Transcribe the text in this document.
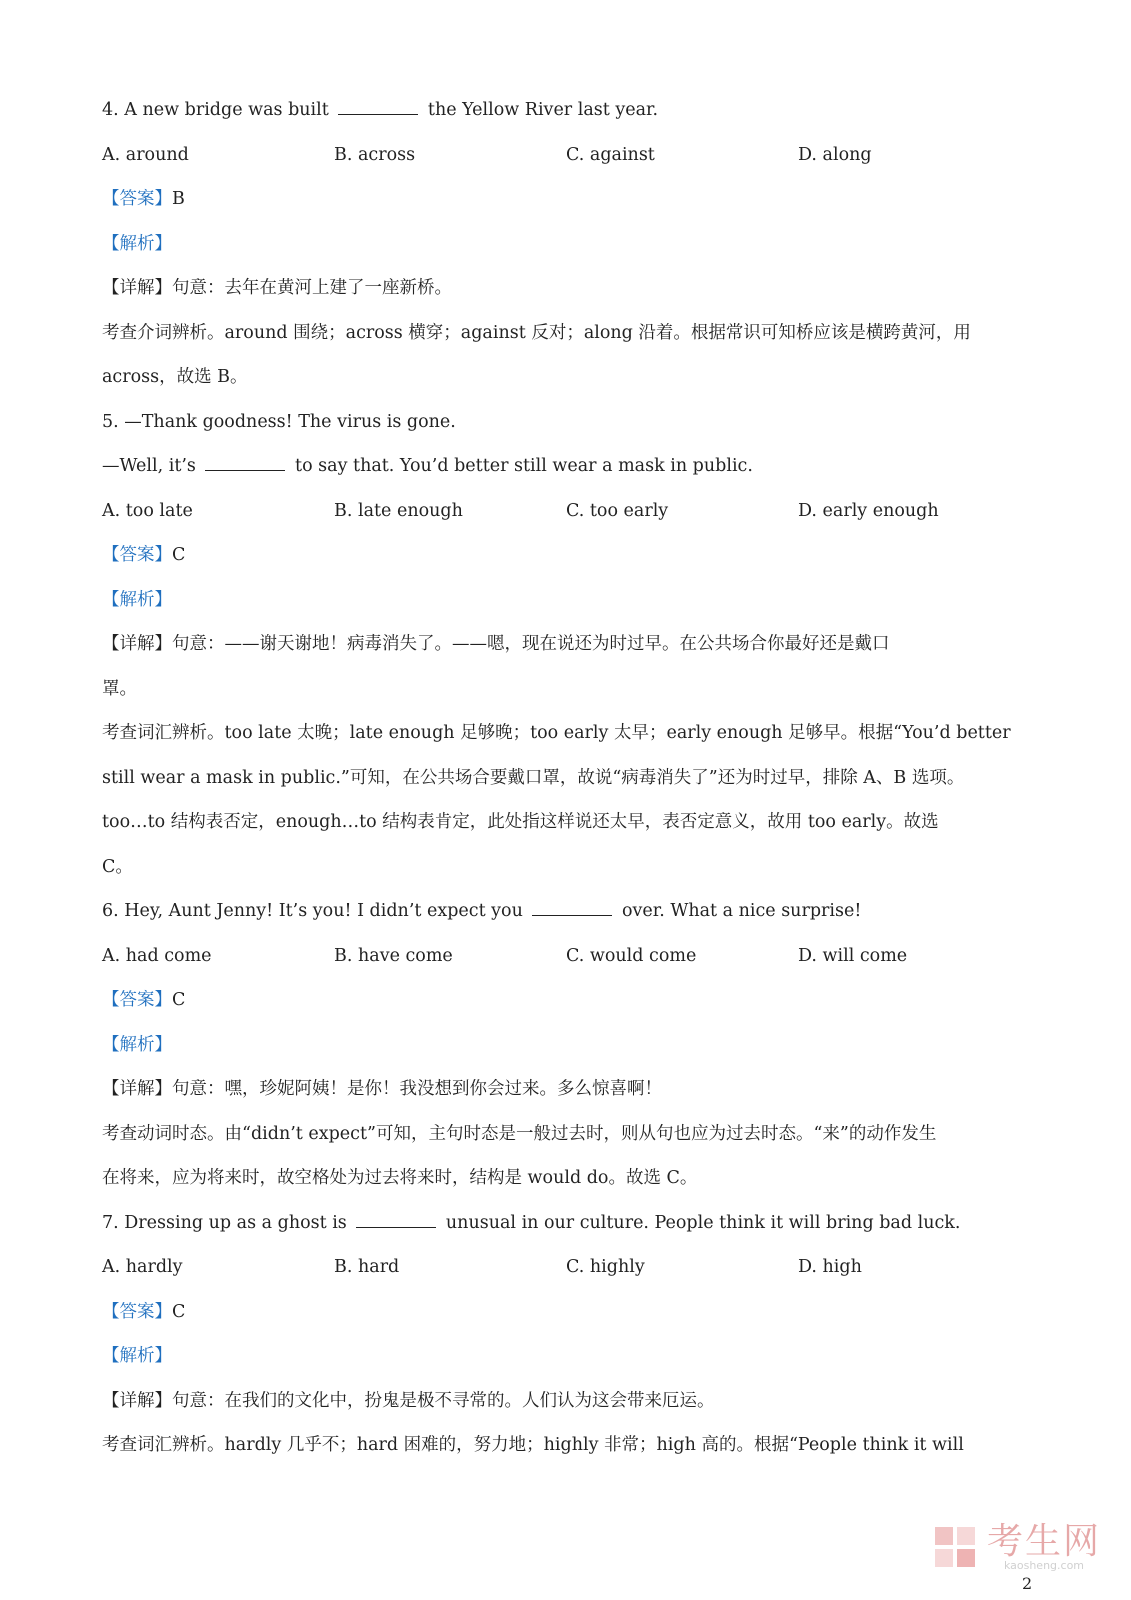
4. A new bridge was built	the Yellow River last year.
A. around	B. across	C. against	D. along
【答案】B
【解析】
【详解】句意：去年在黄河上建了一座新桥。
考查介词辨析。around 围绕；across 横穿；against 反对；along 沿着。根据常识可知桥应该是横跨黄河，用
across，故选 B。
5. —Thank goodness! The virus is gone.
—Well, it’s	to say that. You’d better still wear a mask in public.
A. too late	B. late enough	C. too early	D. early enough
【答案】C
【解析】
【详解】句意：——谢天谢地！病毒消失了。——嗯，现在说还为时过早。在公共场合你最好还是戴口
罩。
考查词汇辨析。too late 太晚；late enough 足够晚；too early 太早；early enough 足够早。根据“You’d better
still wear a mask in public.”可知，在公共场合要戴口罩，故说“病毒消失了”还为时过早，排除 A、B 选项。
too…to 结构表否定，enough…to 结构表肯定，此处指这样说还太早，表否定意义，故用 too early。故选
C。
6. Hey, Aunt Jenny! It’s you! I didn’t expect you	over. What a nice surprise!
A. had come	B. have come	C. would come	D. will come
【答案】C
【解析】
【详解】句意：嘿，珍妮阿姨！是你！我没想到你会过来。多么惊喜啊！
考查动词时态。由“didn’t expect”可知，主句时态是一般过去时，则从句也应为过去时态。“来”的动作发生
在将来，应为将来时，故空格处为过去将来时，结构是 would do。故选 C。
7. Dressing up as a ghost is	unusual in our culture. People think it will bring bad luck.
A. hardly	B. hard	C. highly	D. high
【答案】C
【解析】
【详解】句意：在我们的文化中，扮鬼是极不寻常的。人们认为这会带来厄运。
考查词汇辨析。hardly 几乎不；hard 困难的，努力地；highly 非常；high 高的。根据“People think it will
考生网
kaosheng.com
2
